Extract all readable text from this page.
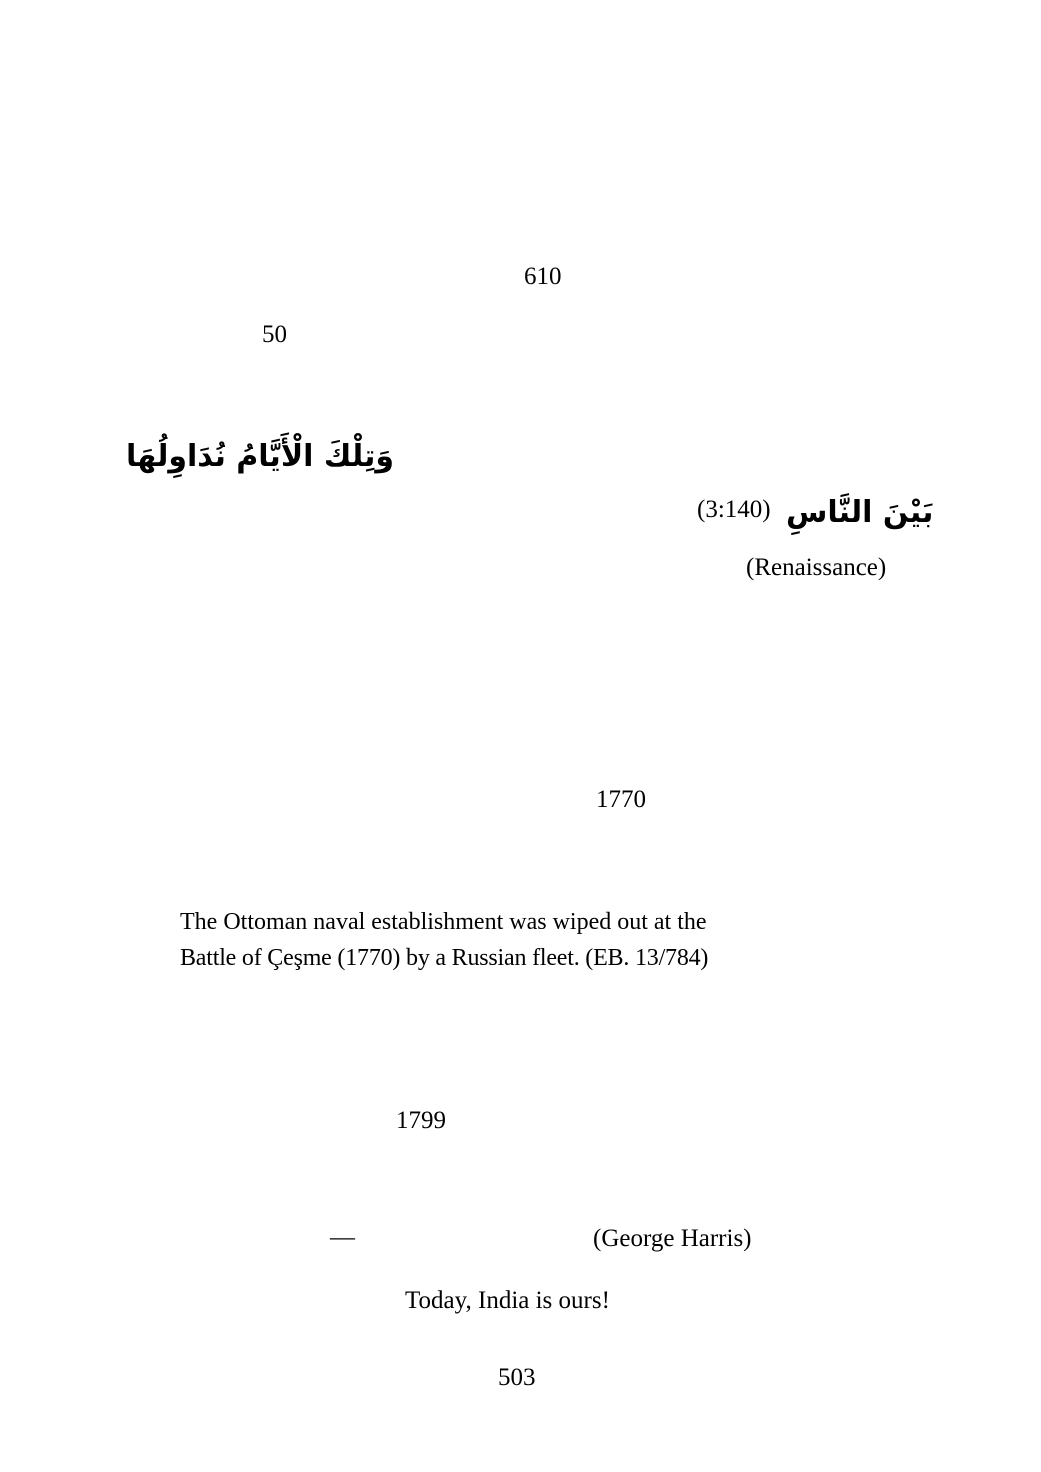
610
50
وَتِلْكَ الْأَيَّامُ نُدَاوِلُهَا
بَيْنَ النَّاسِ
(3:140)
(Renaissance)
1770
The Ottoman naval establishment was wiped out at the
Battle of Çeşme (1770) by a Russian fleet. (EB. 13/784)
1799
—	(George Harris)
Today, India is ours!
503
